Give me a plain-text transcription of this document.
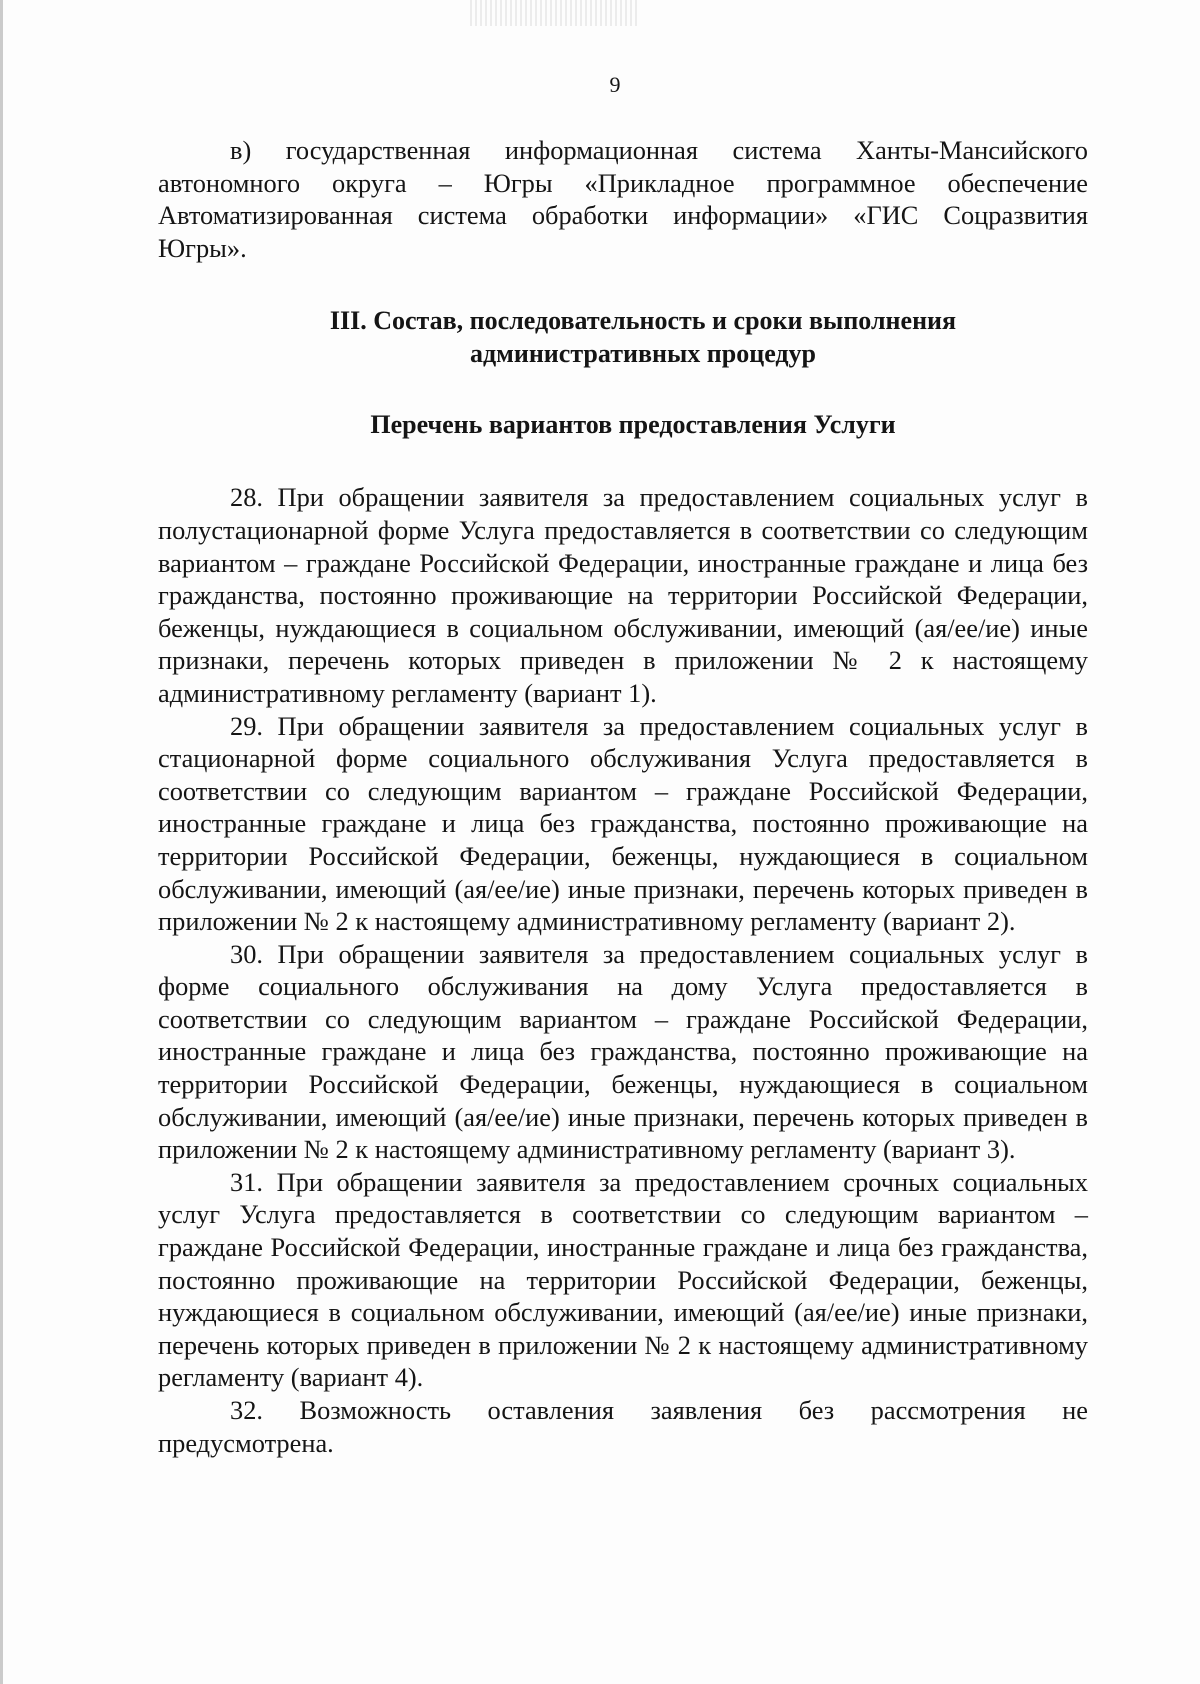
9

в) государственная информационная система Ханты-Мансийского автономного округа – Югры «Прикладное программное обеспечение Автоматизированная система обработки информации» «ГИС Соцразвития Югры».

III. Состав, последовательность и сроки выполнения
административных процедур
Перечень вариантов предоставления Услуги

28. При обращении заявителя за предоставлением социальных услуг в полустационарной форме Услуга предоставляется в соответствии со следующим вариантом – граждане Российской Федерации, иностранные граждане и лица без гражданства, постоянно проживающие на территории Российской Федерации, беженцы, нуждающиеся в социальном обслуживании, имеющий (ая/ее/ие) иные признаки, перечень которых приведен в приложении № 2 к настоящему административному регламенту (вариант 1).

29. При обращении заявителя за предоставлением социальных услуг в стационарной форме социального обслуживания Услуга предоставляется в соответствии со следующим вариантом – граждане Российской Федерации, иностранные граждане и лица без гражданства, постоянно проживающие на территории Российской Федерации, беженцы, нуждающиеся в социальном обслуживании, имеющий (ая/ее/ие) иные признаки, перечень которых приведен в приложении № 2 к настоящему административному регламенту (вариант 2).

30. При обращении заявителя за предоставлением социальных услуг в форме социального обслуживания на дому Услуга предоставляется в соответствии со следующим вариантом – граждане Российской Федерации, иностранные граждане и лица без гражданства, постоянно проживающие на территории Российской Федерации, беженцы, нуждающиеся в социальном обслуживании, имеющий (ая/ее/ие) иные признаки, перечень которых приведен в приложении № 2 к настоящему административному регламенту (вариант 3).

31. При обращении заявителя за предоставлением срочных социальных услуг Услуга предоставляется в соответствии со следующим вариантом – граждане Российской Федерации, иностранные граждане и лица без гражданства, постоянно проживающие на территории Российской Федерации, беженцы, нуждающиеся в социальном обслуживании, имеющий (ая/ее/ие) иные признаки, перечень которых приведен в приложении № 2 к настоящему административному регламенту (вариант 4).

32. Возможность оставления заявления без рассмотрения не предусмотрена.
